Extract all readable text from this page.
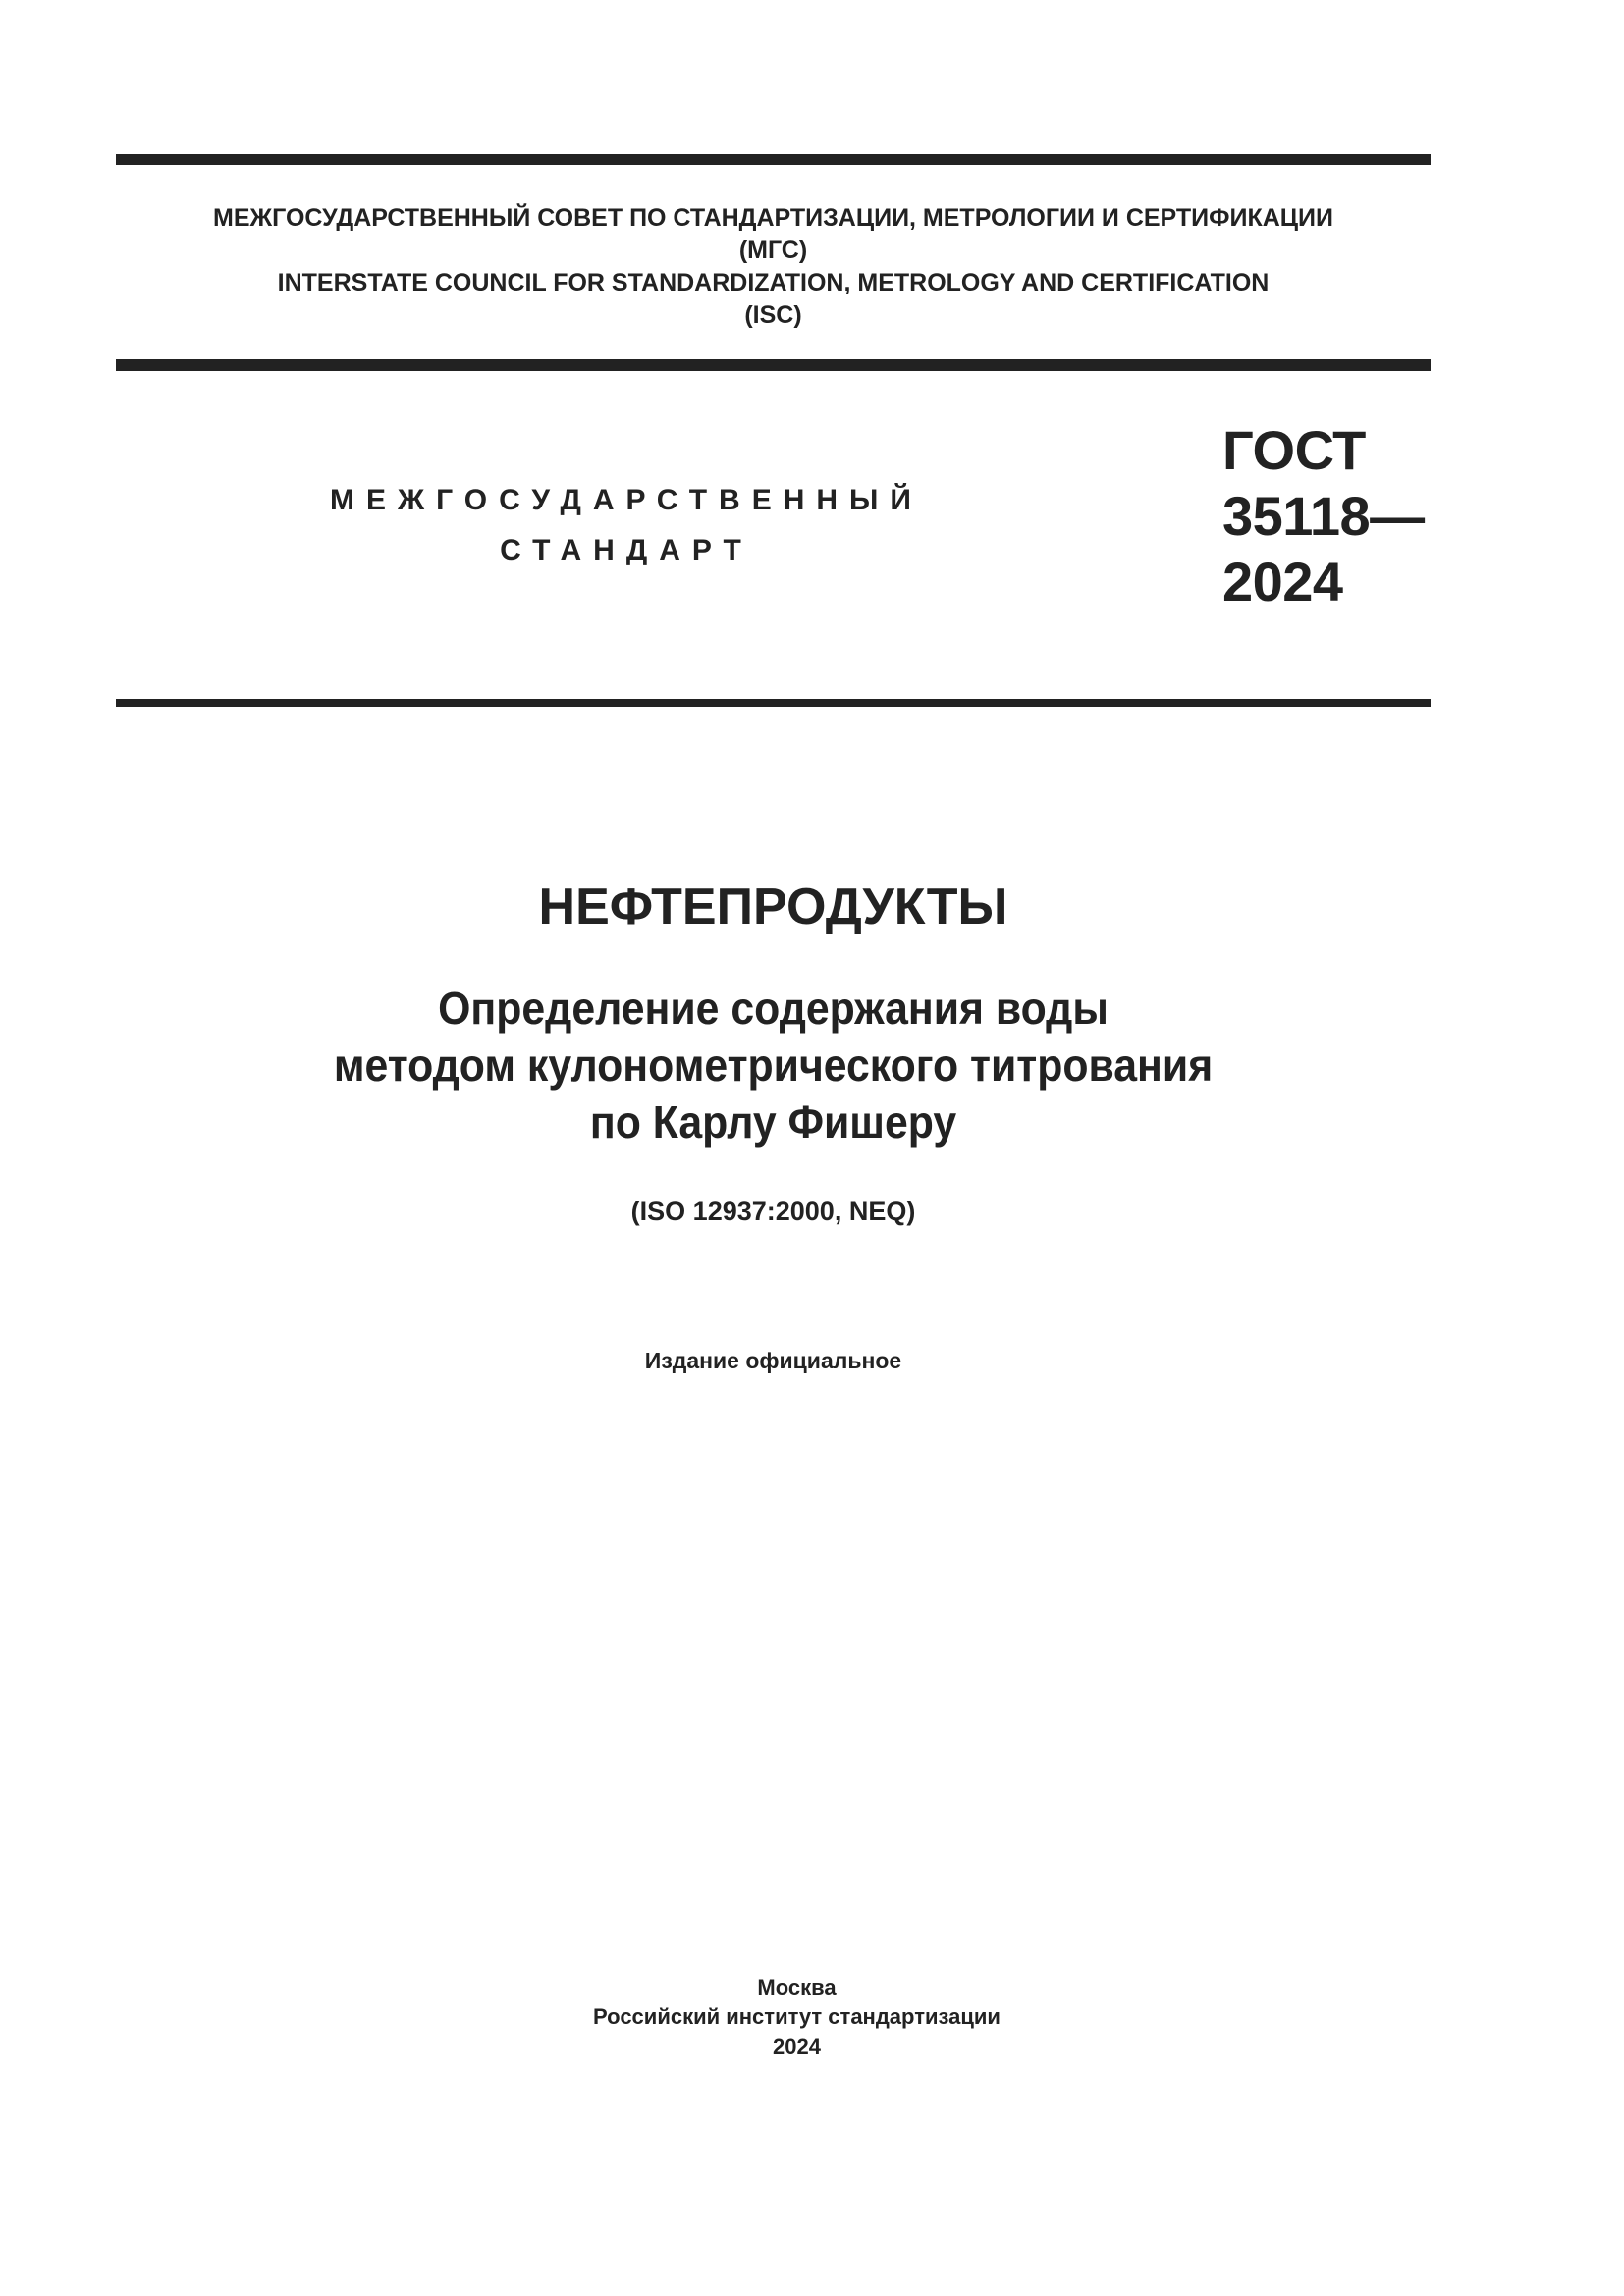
МЕЖГОСУДАРСТВЕННЫЙ СОВЕТ ПО СТАНДАРТИЗАЦИИ, МЕТРОЛОГИИ И СЕРТИФИКАЦИИ
(МГС)
INTERSTATE COUNCIL FOR STANDARDIZATION, METROLOGY AND CERTIFICATION
(ISC)
МЕЖГОСУДАРСТВЕННЫЙ
СТАНДАРТ
ГОСТ
35118—
2024
НЕФТЕПРОДУКТЫ
Определение содержания воды
методом кулонометрического титрования
по Карлу Фишеру
(ISO 12937:2000, NEQ)
Издание официальное
Москва
Российский институт стандартизации
2024
